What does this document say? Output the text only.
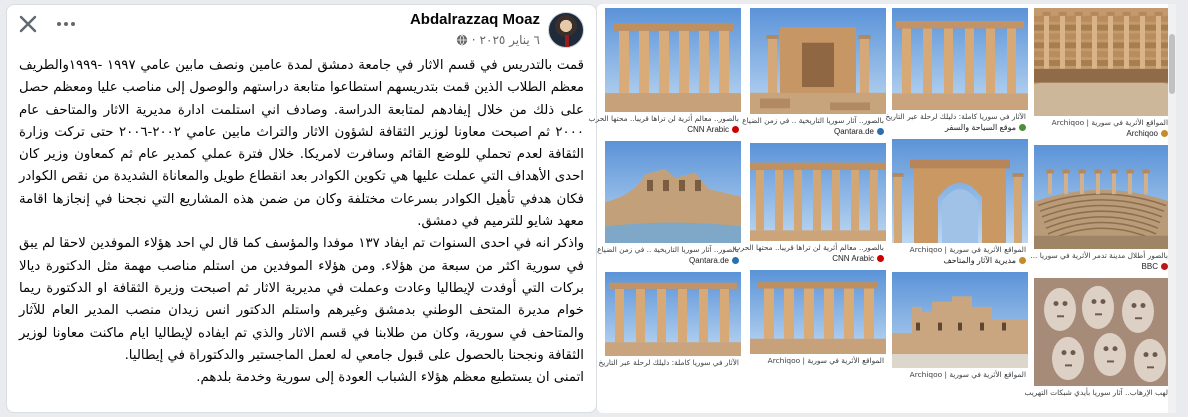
Abdalrazzaq Moaz
٦ يناير ٢٠٢٥
·

قمت بالتدريس في قسم الاثار في جامعة دمشق لمدة عامين ونصف مابين عامي ١٩٩٧ -١٩٩٩والطريف معظم الطلاب الذين قمت بتدريسهم استطاعوا متابعة دراستهم والوصول إلى مناصب عليا ومعظم حصل على ذلك من خلال إيفادهم لمتابعة الدراسة. وصادف اني استلمت ادارة مديرية الاثار والمتاحف عام ٢٠٠٠ ثم اصبحت معاونا لوزير الثقافة لشؤون الاثار والتراث مابين عامي ٢٠٠٢-٢٠٠٦ حتى تركت وزارة الثقافة لعدم تحملي للوضع القائم وسافرت لامريكا. خلال فترة عملي كمدير عام ثم كمعاون وزير كان احدى الأهداف التي عملت عليها هي تكوين الكوادر بعد انقطاع طويل والمعاناة الشديدة من نقص الكوادر فكان هدفي تأهيل الكوادر بسرعات مختلفة وكان من ضمن هذه المشاريع التي نجحنا في إنجازها اقامة معهد شايو للترميم في دمشق.

واذكر انه في احدى السنوات تم ايفاد ١٣٧ موفدا والمؤسف كما قال لي احد هؤلاء الموفدين لاحقا لم يبق في سورية اكثر من سبعة من هؤلاء. ومن هؤلاء الموفدين من استلم مناصب مهمة مثل الدكتورة ديالا بركات التي أوفدت لإيطاليا وعادت وعملت في مديرية الاثار ثم اصبحت وزيرة الثقافة او الدكتورة ريما خوام مديرة المتحف الوطني بدمشق وغيرهم واستلم الدكتور انس زيدان منصب المدير العام للآثار والمتاحف في سورية، وكان من طلابنا في قسم الاثار والذي تم ايفاده لإيطاليا ايام ماكنت معاونا لوزير الثقافة ونجحنا بالحصول على قبول جامعي له لعمل الماجستير والدكتوراة في إيطاليا.

اتمنى ان يستطيع معظم هؤلاء الشباب العودة إلى سورية وخدمة بلدهم.

المواقع الأثرية في سورية | Archiqoo
Archiqoo
بالصور أطلال مدينة تدمر الأثرية في سوريا ...
BBC
لهب الإرهاب.. آثار سوريا بأيدي شبكات التهريب
الآثار في سوريا كاملة: دليلك لرحلة عبر التاريخ
موقع السياحة والسفر
المواقع الأثرية في سورية | Archiqoo
مديرية الآثار والمتاحف
المواقع الأثرية في سورية | Archiqoo
بالصور.. آثار سوريا التاريخية .. في زمن الضياع
Qantara.de
بالصور.. معالم أثرية لن تراها قريبا.. محتها الحرب
CNN Arabic
المواقع الأثرية في سورية | Archiqoo
بالصور.. معالم أثرية لن تراها قريبا.. محتها الحرب
CNN Arabic
بالصور.. آثار سوريا التاريخية .. في زمن الضياع
Qantara.de
الآثار في سوريا كاملة: دليلك لرحلة عبر التاريخ
